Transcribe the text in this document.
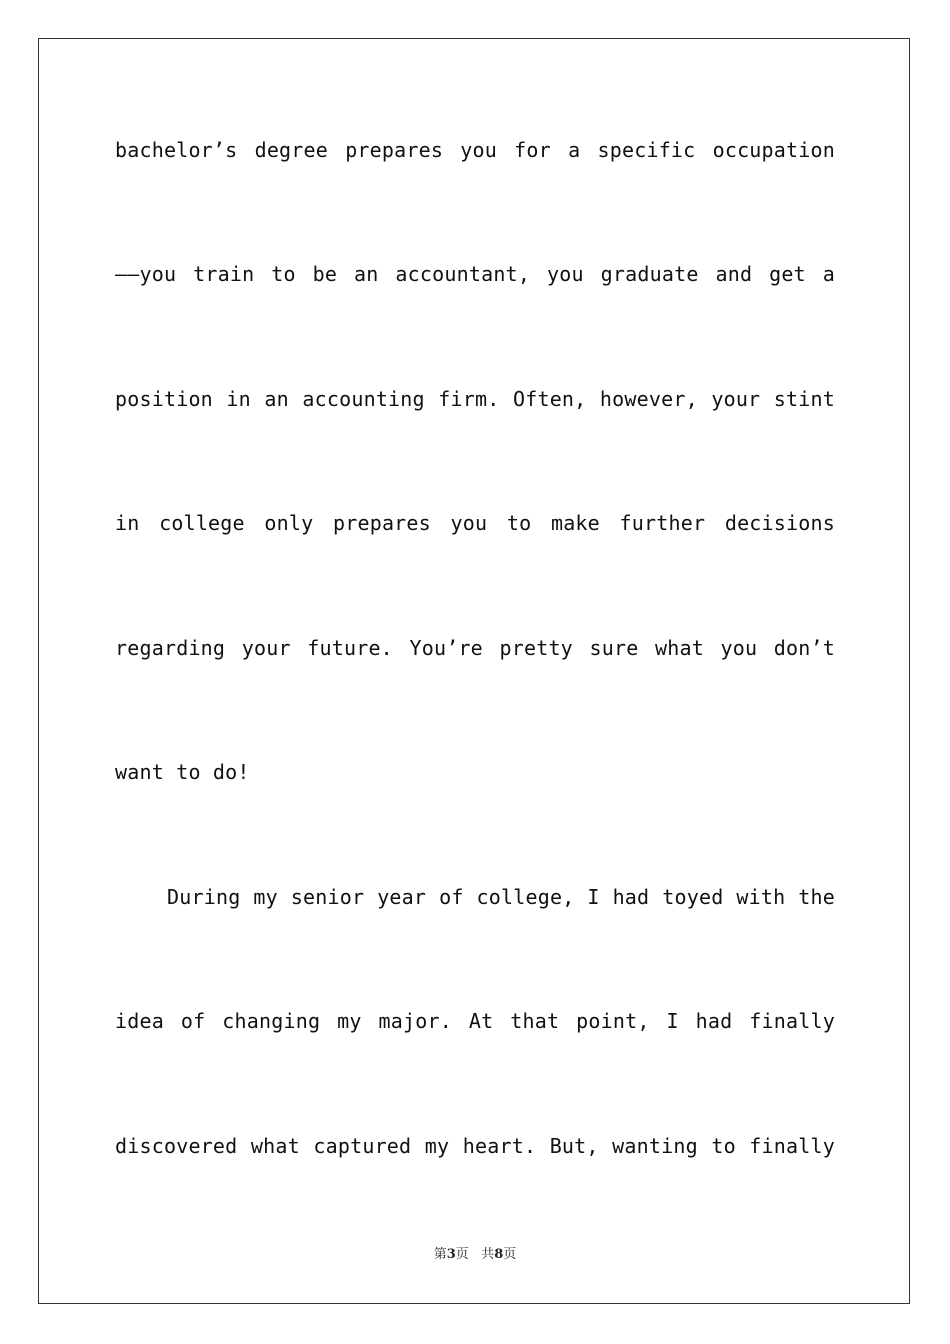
bachelor’s degree prepares you for a specific occupation
——you train to be an accountant, you graduate and get a
position in an accounting firm. Often, however, your stint
in college only prepares you to make further decisions
regarding your future. You’re pretty sure what you don’t
want to do!
During my senior year of college, I had toyed with the
idea of changing my major. At that point, I had finally
discovered what captured my heart. But, wanting to finally
第3页 共8页
